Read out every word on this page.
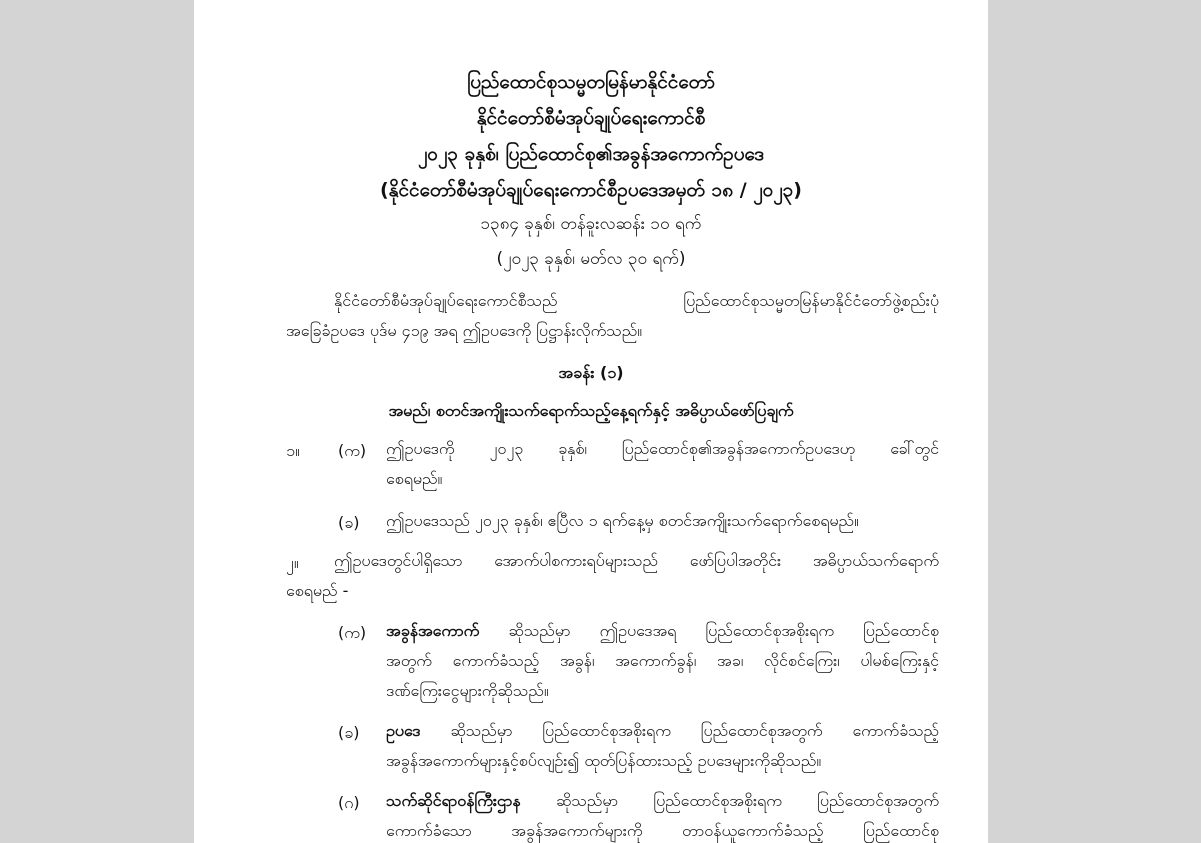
ပြည်ထောင်စုသမ္မတမြန်မာနိုင်ငံတော်
နိုင်ငံတော်စီမံအုပ်ချုပ်ရေးကောင်စီ
၂၀၂၃ ခုနှစ်၊ ပြည်ထောင်စု၏အခွန်အကောက်ဥပဒေ
(နိုင်ငံတော်စီမံအုပ်ချုပ်ရေးကောင်စီဥပဒေအမှတ် ၁၈ / ၂၀၂၃)
၁၃၈၄ ခုနှစ်၊ တန်ခူးလဆန်း ၁၀ ရက်
(၂၀၂၃ ခုနှစ်၊ မတ်လ ၃၀ ရက်)
နိုင်ငံတော်စီမံအုပ်ချုပ်ရေးကောင်စီသည် ပြည်ထောင်စုသမ္မတမြန်မာနိုင်ငံတော်ဖွဲ့စည်းပုံ
အခြေခံဥပဒေ ပုဒ်မ ၄၁၉ အရ ဤဥပဒေကို ပြဋ္ဌာန်းလိုက်သည်။
အခန်း (၁)
အမည်၊ စတင်အကျိုးသက်ရောက်သည့်နေ့ရက်နှင့် အဓိပ္ပာယ်ဖော်ပြချက်
၁။ (က) ဤဥပဒေကို ၂၀၂၃ ခုနှစ်၊ ပြည်ထောင်စု၏အခွန်အကောက်ဥပဒေဟု ခေါ်တွင်
စေရမည်။
(ခ) ဤဥပဒေသည် ၂၀၂၃ ခုနှစ်၊ ဧပြီလ ၁ ရက်နေ့မှ စတင်အကျိုးသက်ရောက်စေရမည်။
၂။ ဤဥပဒေတွင်ပါရှိသော အောက်ပါစကားရပ်များသည် ဖော်ပြပါအတိုင်း အဓိပ္ပာယ်သက်ရောက်
စေရမည် -
(က) အခွန်အကောက် ဆိုသည်မှာ ဤဥပဒေအရ ပြည်ထောင်စုအစိုးရက ပြည်ထောင်စု
အတွက် ကောက်ခံသည့် အခွန်၊ အကောက်ခွန်၊ အခ၊ လိုင်စင်ကြေး၊ ပါမစ်ကြေးနှင့်
ဒဏ်ကြေးငွေများကိုဆိုသည်။
(ခ) ဥပဒေ ဆိုသည်မှာ ပြည်ထောင်စုအစိုးရက ပြည်ထောင်စုအတွက် ကောက်ခံသည့်
အခွန်အကောက်များနှင့်စပ်လျဉ်း၍ ထုတ်ပြန်ထားသည့် ဥပဒေများကိုဆိုသည်။
(ဂ) သက်ဆိုင်ရာဝန်ကြီးဌာန ဆိုသည်မှာ ပြည်ထောင်စုအစိုးရက ပြည်ထောင်စုအတွက်
ကောက်ခံသော အခွန်အကောက်များကို တာဝန်ယူကောက်ခံသည့် ပြည်ထောင်စု
